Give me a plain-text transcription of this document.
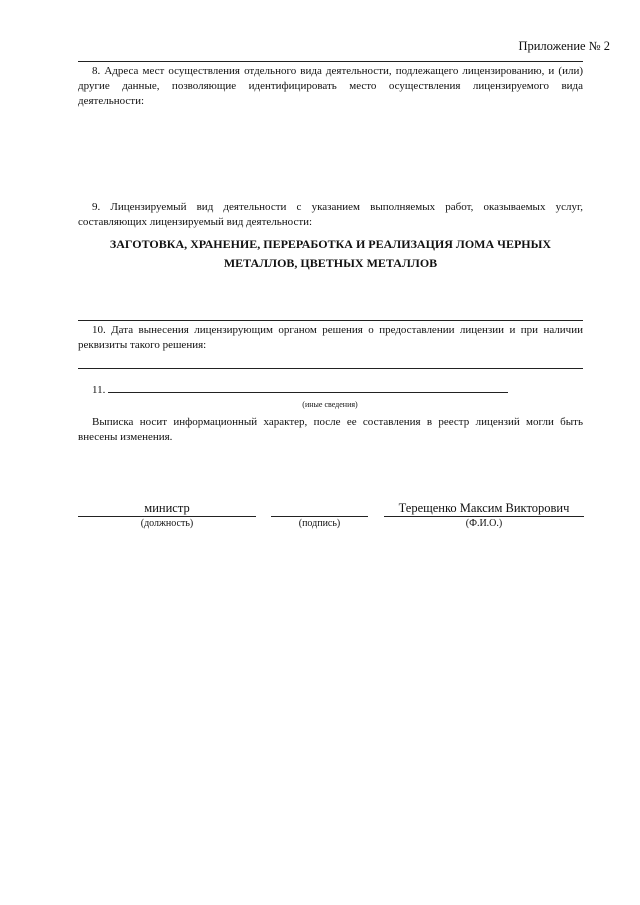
Приложение № 2

8. Адреса мест осуществления отдельного вида деятельности, подлежащего лицензированию, и (или) другие данные, позволяющие идентифицировать место осуществления лицензируемого вида деятельности:

9. Лицензируемый вид деятельности с указанием выполняемых работ, оказываемых услуг, составляющих лицензируемый вид деятельности:

ЗАГОТОВКА, ХРАНЕНИЕ, ПЕРЕРАБОТКА И РЕАЛИЗАЦИЯ ЛОМА ЧЕРНЫХ
МЕТАЛЛОВ, ЦВЕТНЫХ МЕТАЛЛОВ

10. Дата вынесения лицензирующим органом решения о предоставлении лицензии и при наличии реквизиты такого решения:

11.
(иные сведения)

Выписка носит информационный характер, после ее составления в реестр лицензий могли быть внесены изменения.

министр
(должность)	(подпись)
Терещенко Максим Викторович
(Ф.И.О.)
